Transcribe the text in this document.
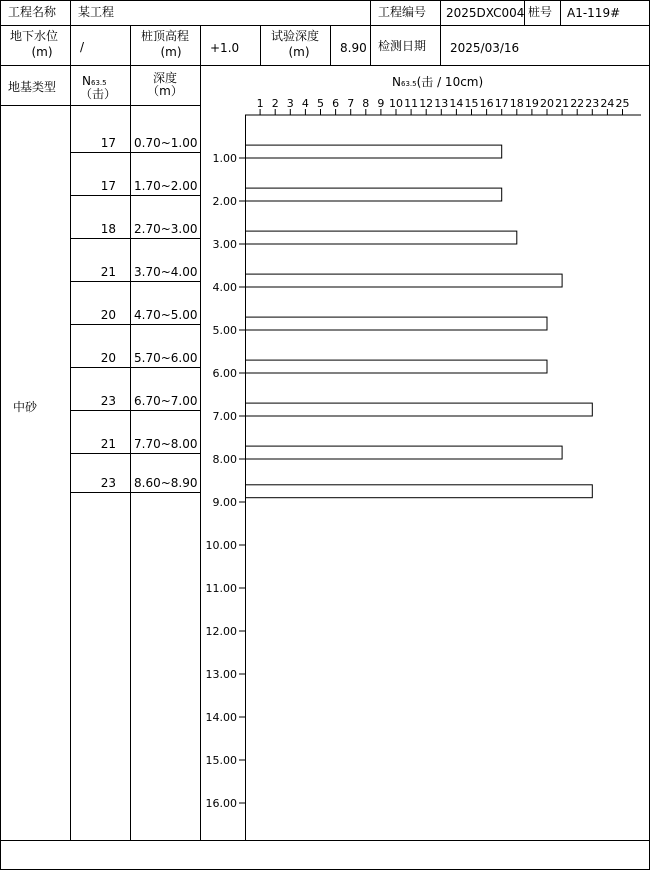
工程名称 某工程	工程编号 2025DXC004 桩号 A1-119#
地下水位
(m)	/
桩顶高程
(m)	+1.0
试验深度
(m)	8.90 检测日期 2025/03/16
地基类型 N63.5
（击）
深度
（m）
中砂
17 0.70~1.00
17 1.70~2.00
18 2.70~3.00
21 3.70~4.00
20 4.70~5.00
20 5.70~6.00
23 6.70~7.00
21 7.70~8.00
23 8.60~8.90
N63.5(击 / 10cm)
1 2 3 4 5 6 7 8 9 10 11 12 13 14 15 16 17 18 19 20 21 22 23 24 25
1.00
2.00
3.00
4.00
5.00
6.00
7.00
8.00
9.00
10.00
11.00
12.00
13.00
14.00
15.00
16.00
